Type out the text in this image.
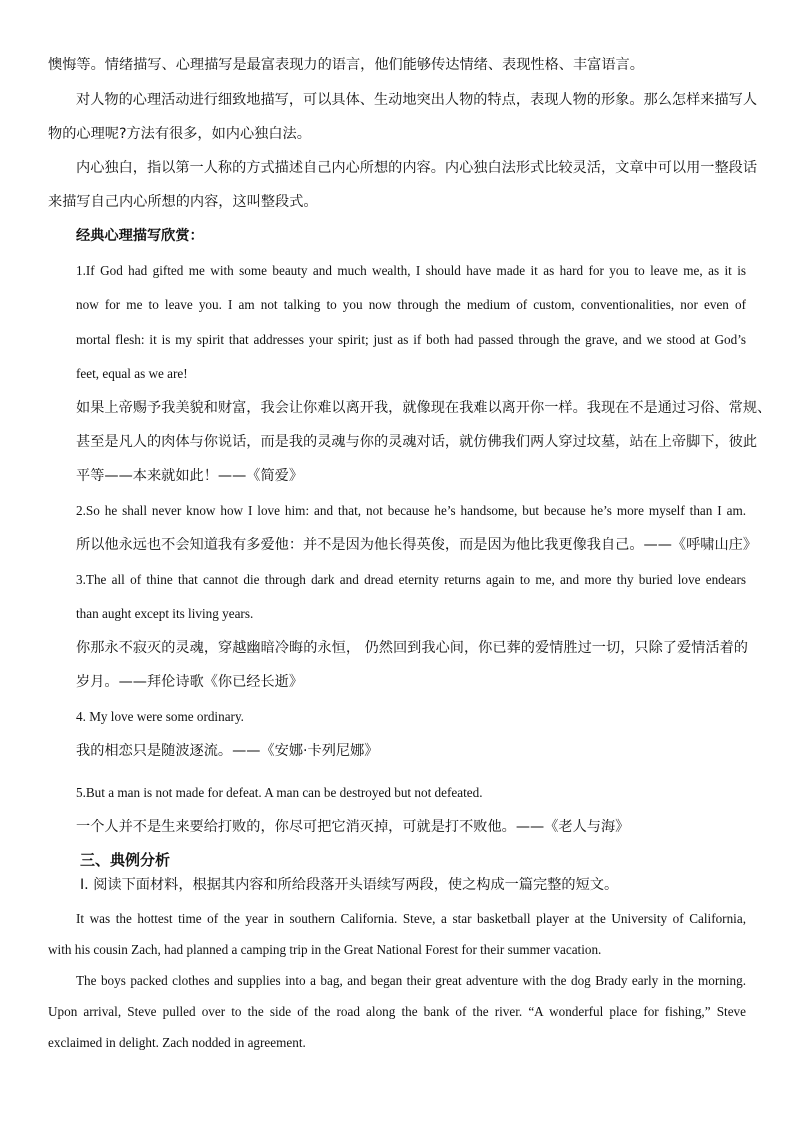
懊悔等。情绪描写、心理描写是最富表现力的语言，他们能够传达情绪、表现性格、丰富语言。

对人物的心理活动进行细致地描写，可以具体、生动地突出人物的特点，表现人物的形象。那么怎样来描写人

物的心理呢?方法有很多，如内心独白法。

内心独白，指以第一人称的方式描述自己内心所想的内容。内心独白法形式比较灵活，文章中可以用一整段话

来描写自己内心所想的内容，这叫整段式。

经典心理描写欣赏：

1.If God had gifted me with some beauty and much wealth, I should have made it as hard for you to leave me, as it is

now for me to leave you. I am not talking to you now through the medium of custom, conventionalities, nor even of

mortal flesh: it is my spirit that addresses your spirit; just as if both had passed through the grave, and we stood at God’s

feet, equal as we are!

如果上帝赐予我美貌和财富，我会让你难以离开我，就像现在我难以离开你一样。我现在不是通过习俗、常规、

甚至是凡人的肉体与你说话，而是我的灵魂与你的灵魂对话，就仿佛我们两人穿过坟墓，站在上帝脚下，彼此

平等——本来就如此！——《简爱》

2.So he shall never know how I love him: and that, not because he’s handsome, but because he’s more myself than I am.

所以他永远也不会知道我有多爱他：并不是因为他长得英俊，而是因为他比我更像我自己。——《呼啸山庄》

3.The all of thine that cannot die through dark and dread eternity returns again to me, and more thy buried love endears

than aught except its living years.

你那永不寂灭的灵魂，穿越幽暗冷晦的永恒， 仍然回到我心间，你已葬的爱情胜过一切，只除了爱情活着的

岁月。——拜伦诗歌《你已经长逝》

4. My love were some ordinary.

我的相恋只是随波逐流。——《安娜·卡列尼娜》

5.But a man is not made for defeat. A man can be destroyed but not defeated.

一个人并不是生来要给打败的，你尽可把它消灭掉，可就是打不败他。——《老人与海》

三、典例分析

Ⅰ. 阅读下面材料，根据其内容和所给段落开头语续写两段，使之构成一篇完整的短文。

It was the hottest time of the year in southern California. Steve, a star basketball player at the University of California,

with his cousin Zach, had planned a camping trip in the Great National Forest for their summer vacation.

The boys packed clothes and supplies into a bag, and began their great adventure with the dog Brady early in the morning.

Upon arrival, Steve pulled over to the side of the road along the bank of the river. “A wonderful place for fishing,” Steve

exclaimed in delight. Zach nodded in agreement.
